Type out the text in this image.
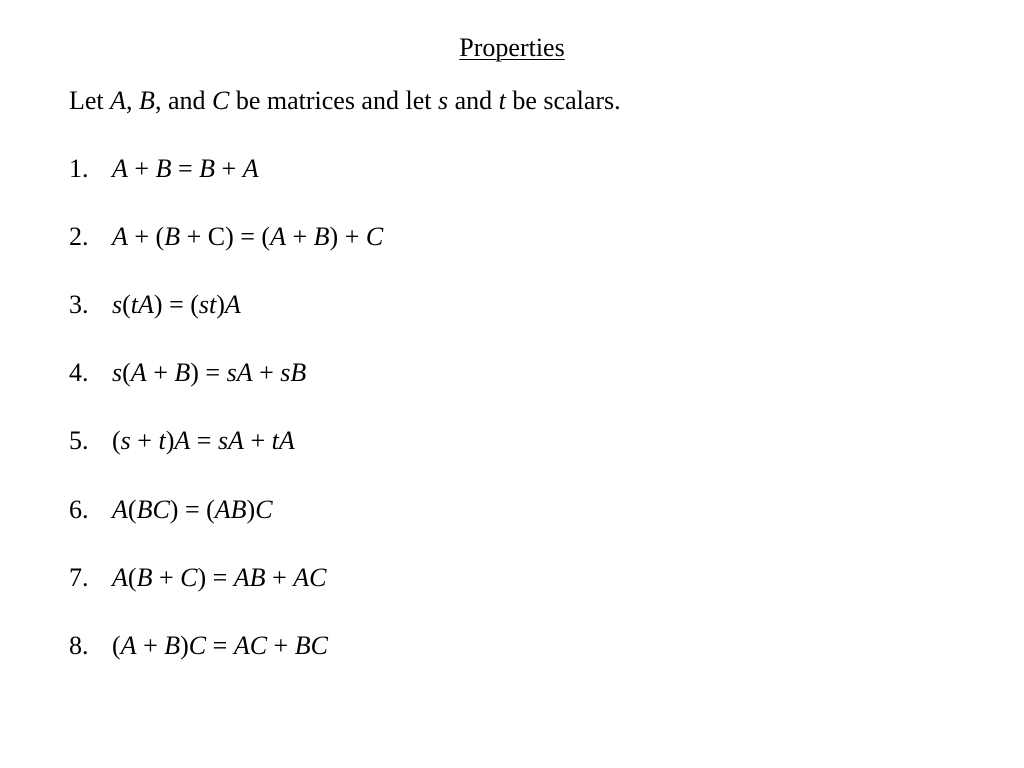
Properties
Let A, B, and C be matrices and let s and t be scalars.
1. A + B = B + A
2. A + (B + C) = (A + B) + C
3. s(tA) = (st)A
4. s(A + B) = sA + sB
5. (s + t)A = sA + tA
6. A(BC) = (AB)C
7. A(B + C) = AB + AC
8. (A + B)C = AC + BC
